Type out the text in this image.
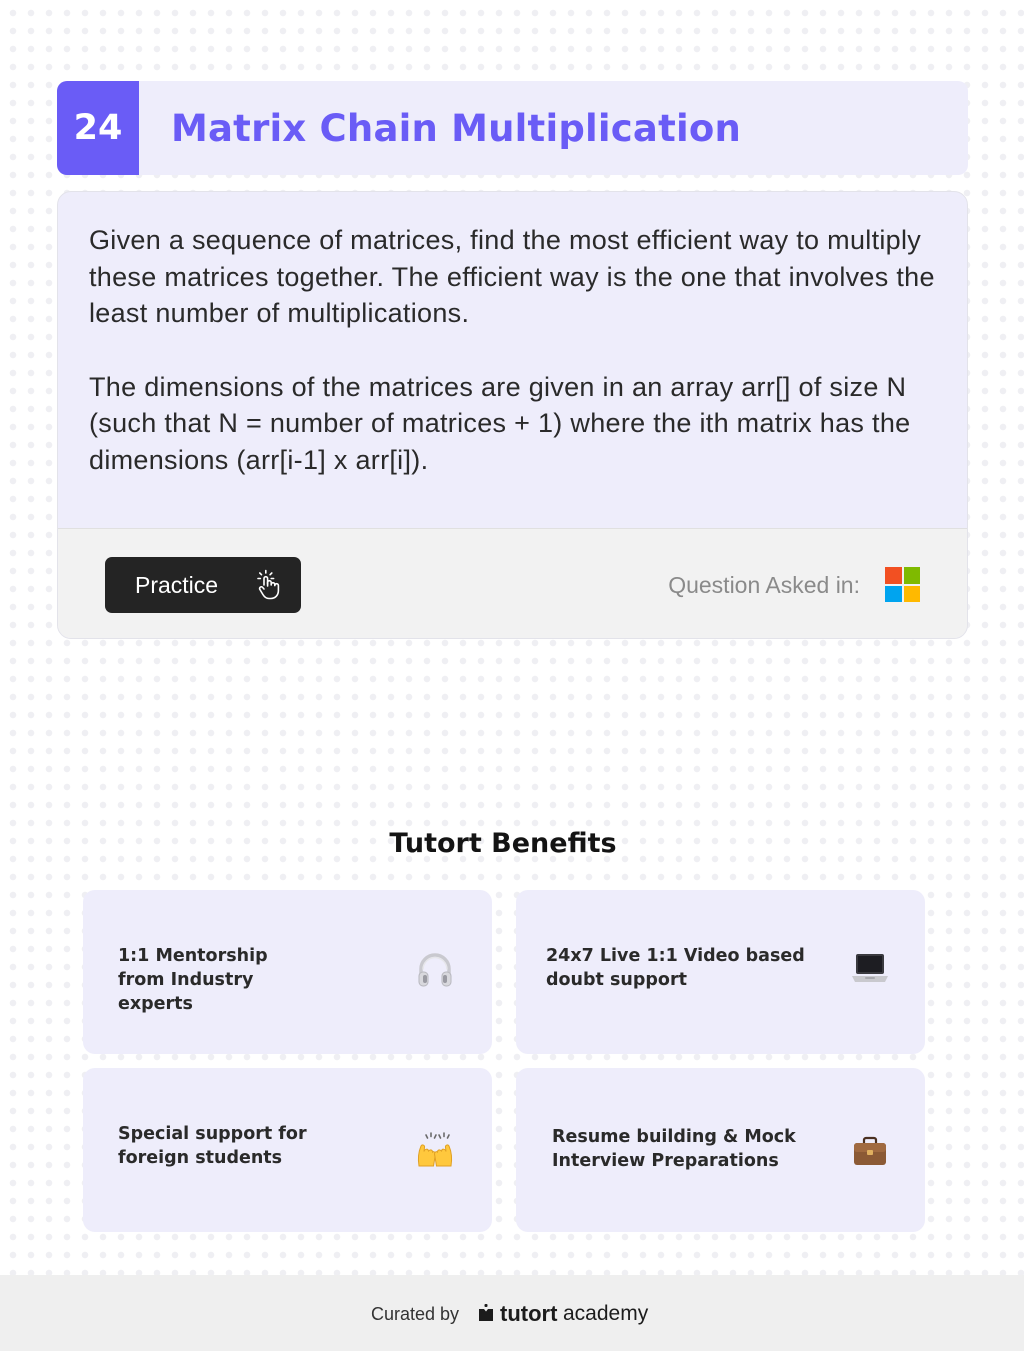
24	Matrix Chain Multiplication

Given a sequence of matrices, find the most efficient way to multiply these matrices together. The efficient way is the one that involves the least number of multiplications.

The dimensions of the matrices are given in an array arr[] of size N (such that N = number of matrices + 1) where the ith matrix has the dimensions (arr[i-1] x arr[i]).

Practice	Question Asked in:
Tutort Benefits
1:1 Mentorship from Industry experts
24x7 Live 1:1 Video based doubt support
Special support for foreign students
Resume building & Mock Interview Preparations
Curated by tutort academy
